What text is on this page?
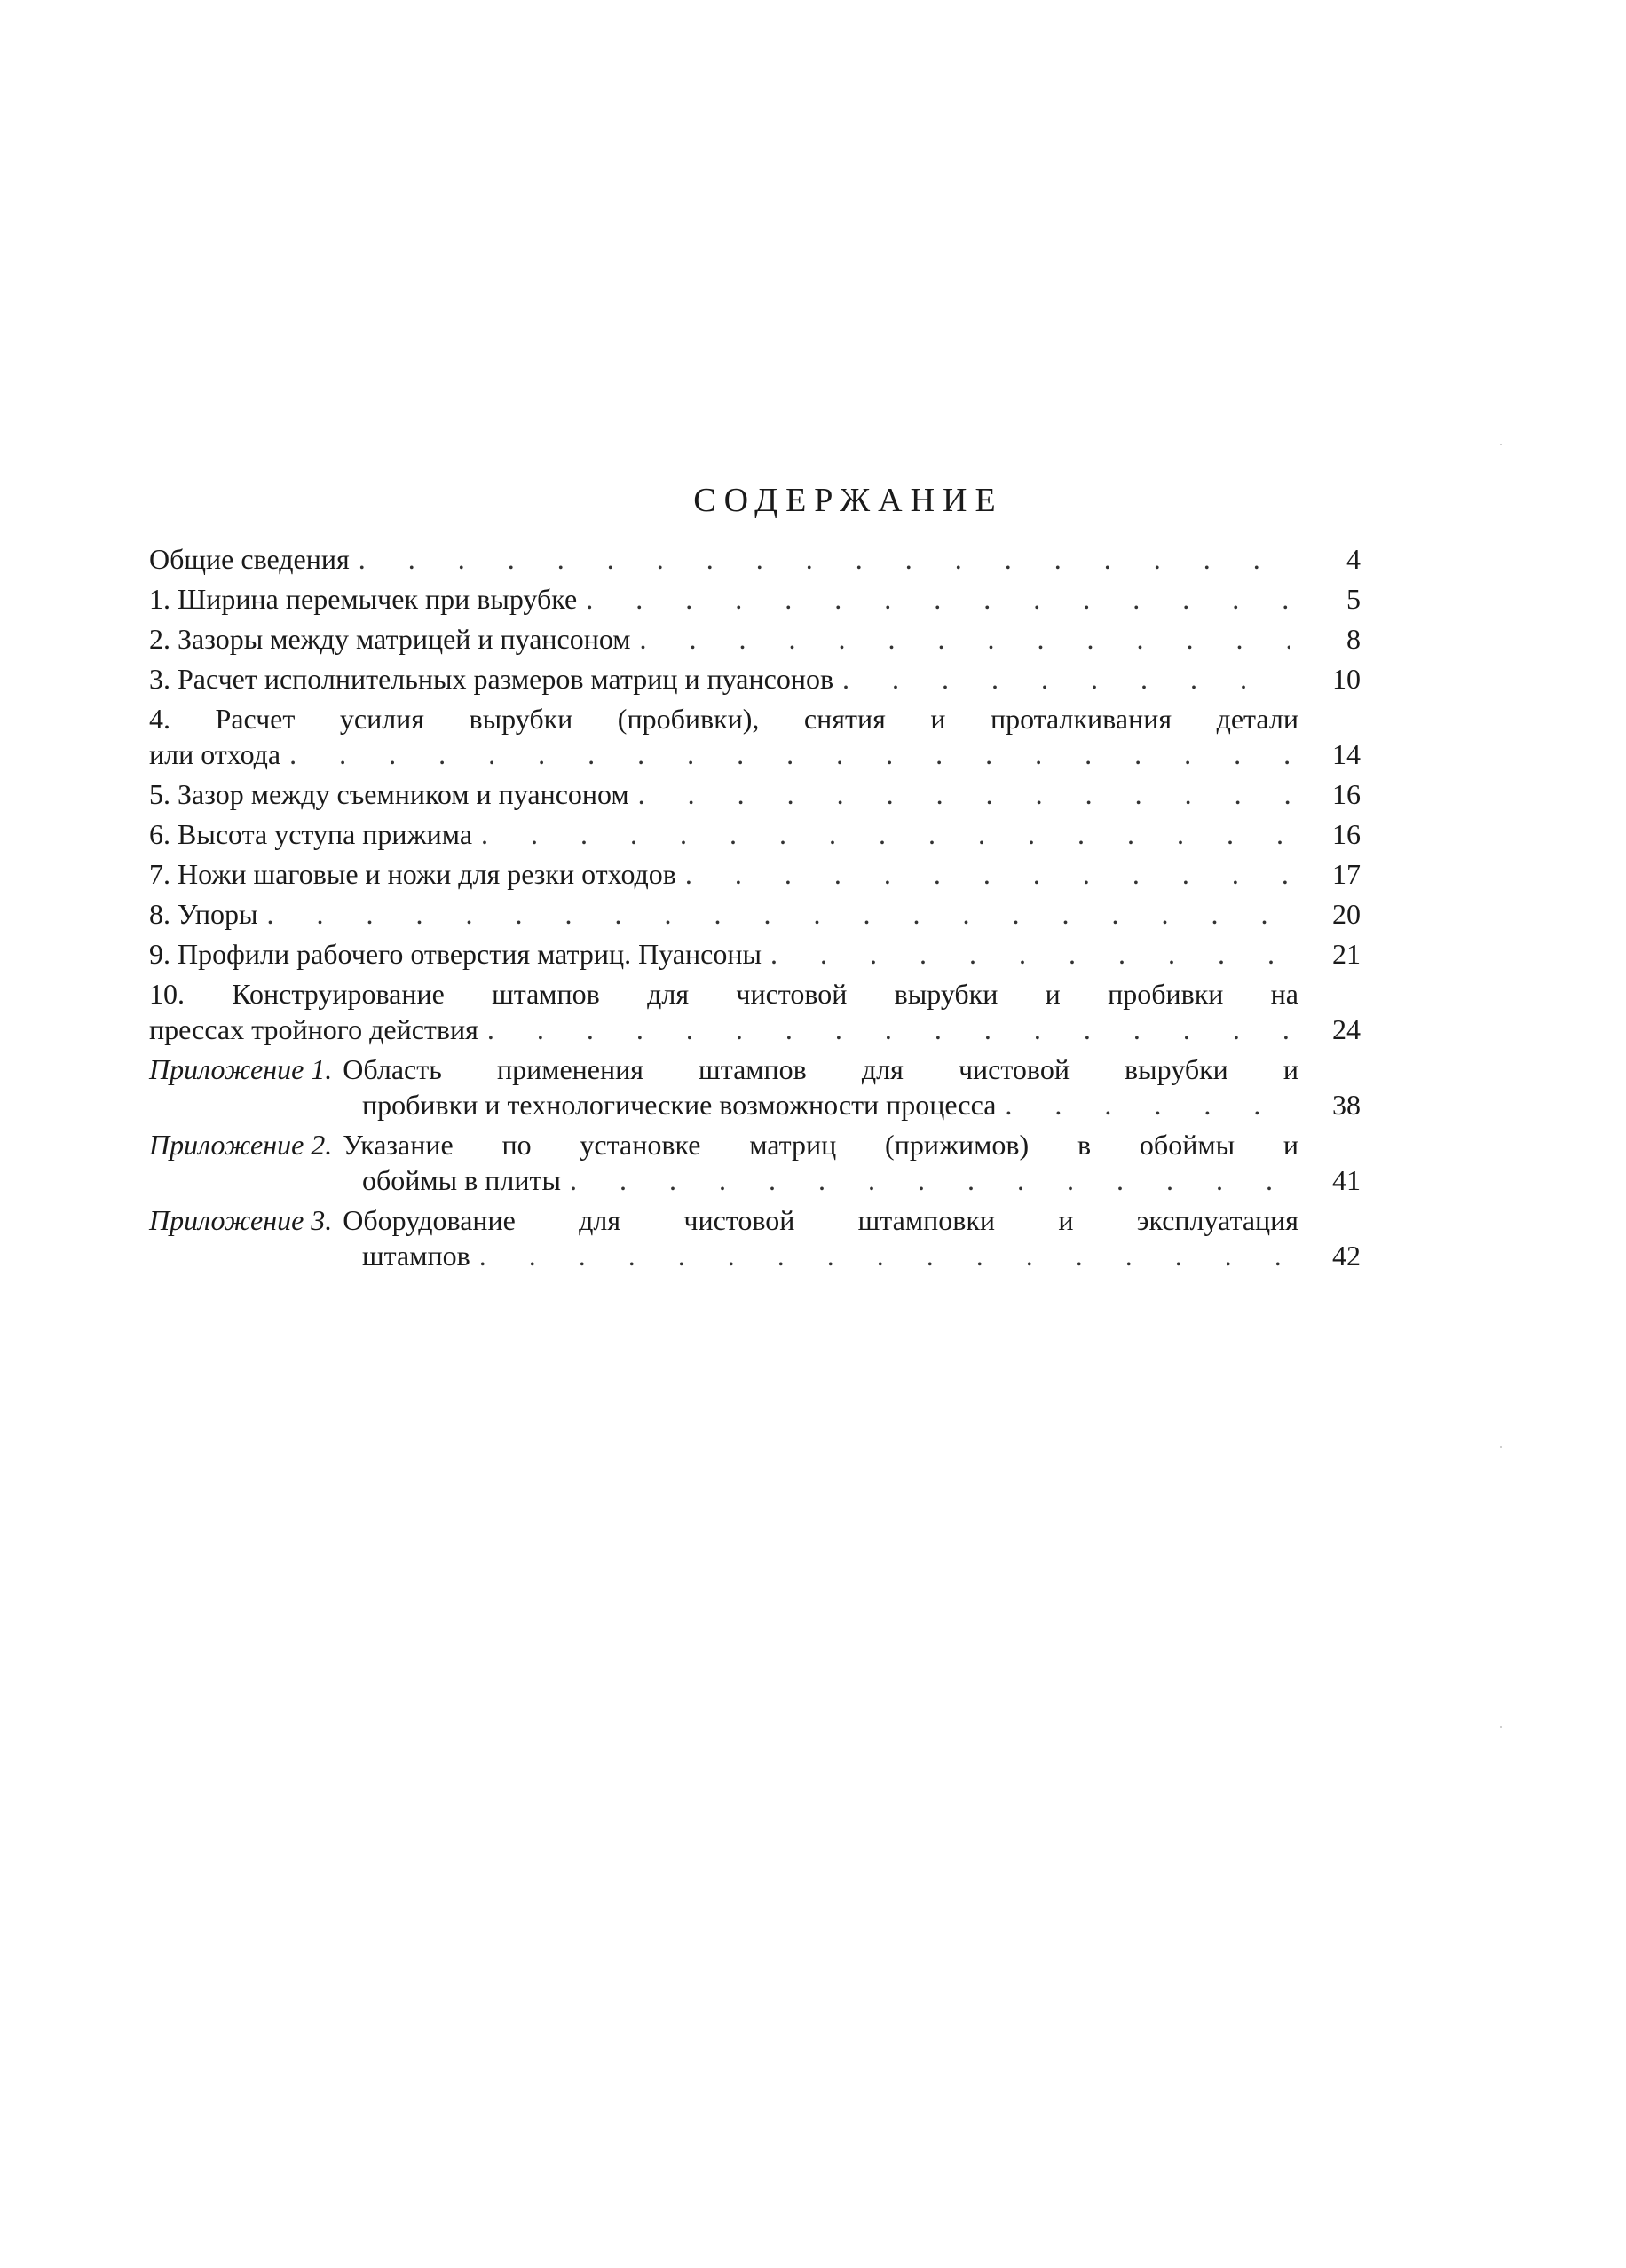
СОДЕРЖАНИЕ
Общие сведения . . .	4
1. Ширина перемычек при вырубке . . .	5
2. Зазоры между матрицей и пуансоном . . .	8
3. Расчет исполнительных размеров матриц и пуансонов . . .	10
4. Расчет усилия вырубки (пробивки), снятия и проталкивания детали
или отхода . . .	14
5. Зазор между съемником и пуансоном . . .	16
6. Высота уступа прижима . . .	16
7. Ножи шаговые и ножи для резки отходов . . .	17
8. Упоры . . .	20
9. Профили рабочего отверстия матриц. Пуансоны . . .	21
10. Конструирование штампов для чистовой вырубки и пробивки на
прессах тройного действия . . .	24
Приложение 1. Область применения штампов для чистовой вырубки и
пробивки и технологические возможности процесса . . .	38
Приложение 2. Указание по установке матриц (прижимов) в обоймы и
обоймы в плиты . . .	41
Приложение 3. Оборудование для чистовой штамповки и эксплуатация
штампов . . .	42
